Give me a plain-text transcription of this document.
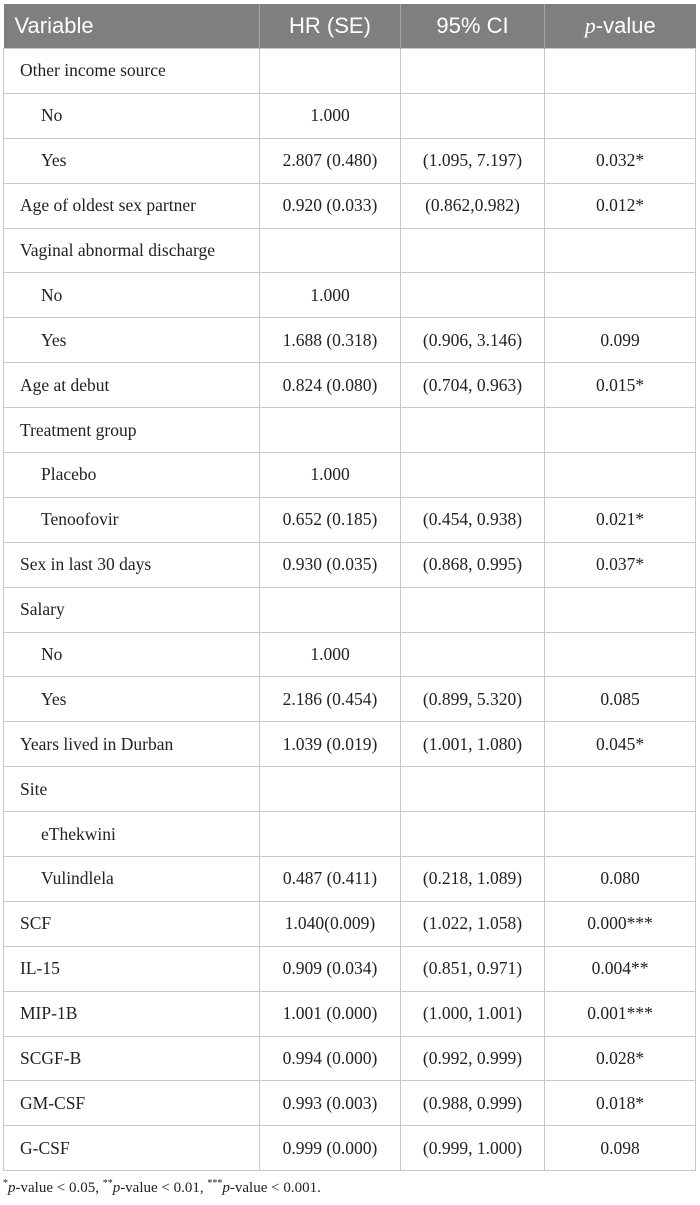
Variable	HR (SE)	95% CI	p-value
Other income source			
No	1.000		
Yes	2.807 (0.480)	(1.095, 7.197)	0.032*
Age of oldest sex partner	0.920 (0.033)	(0.862,0.982)	0.012*
Vaginal abnormal discharge			
No	1.000		
Yes	1.688 (0.318)	(0.906, 3.146)	0.099
Age at debut	0.824 (0.080)	(0.704, 0.963)	0.015*
Treatment group			
Placebo	1.000		
Tenoofovir	0.652 (0.185)	(0.454, 0.938)	0.021*
Sex in last 30 days	0.930 (0.035)	(0.868, 0.995)	0.037*
Salary			
No	1.000		
Yes	2.186 (0.454)	(0.899, 5.320)	0.085
Years lived in Durban	1.039 (0.019)	(1.001, 1.080)	0.045*
Site			
eThekwini			
Vulindlela	0.487 (0.411)	(0.218, 1.089)	0.080
SCF	1.040(0.009)	(1.022, 1.058)	0.000***
IL-15	0.909 (0.034)	(0.851, 0.971)	0.004**
MIP-1B	1.001 (0.000)	(1.000, 1.001)	0.001***
SCGF-B	0.994 (0.000)	(0.992, 0.999)	0.028*
GM-CSF	0.993 (0.003)	(0.988, 0.999)	0.018*
G-CSF	0.999 (0.000)	(0.999, 1.000)	0.098
*p-value < 0.05, **p-value < 0.01, ***p-value < 0.001.
